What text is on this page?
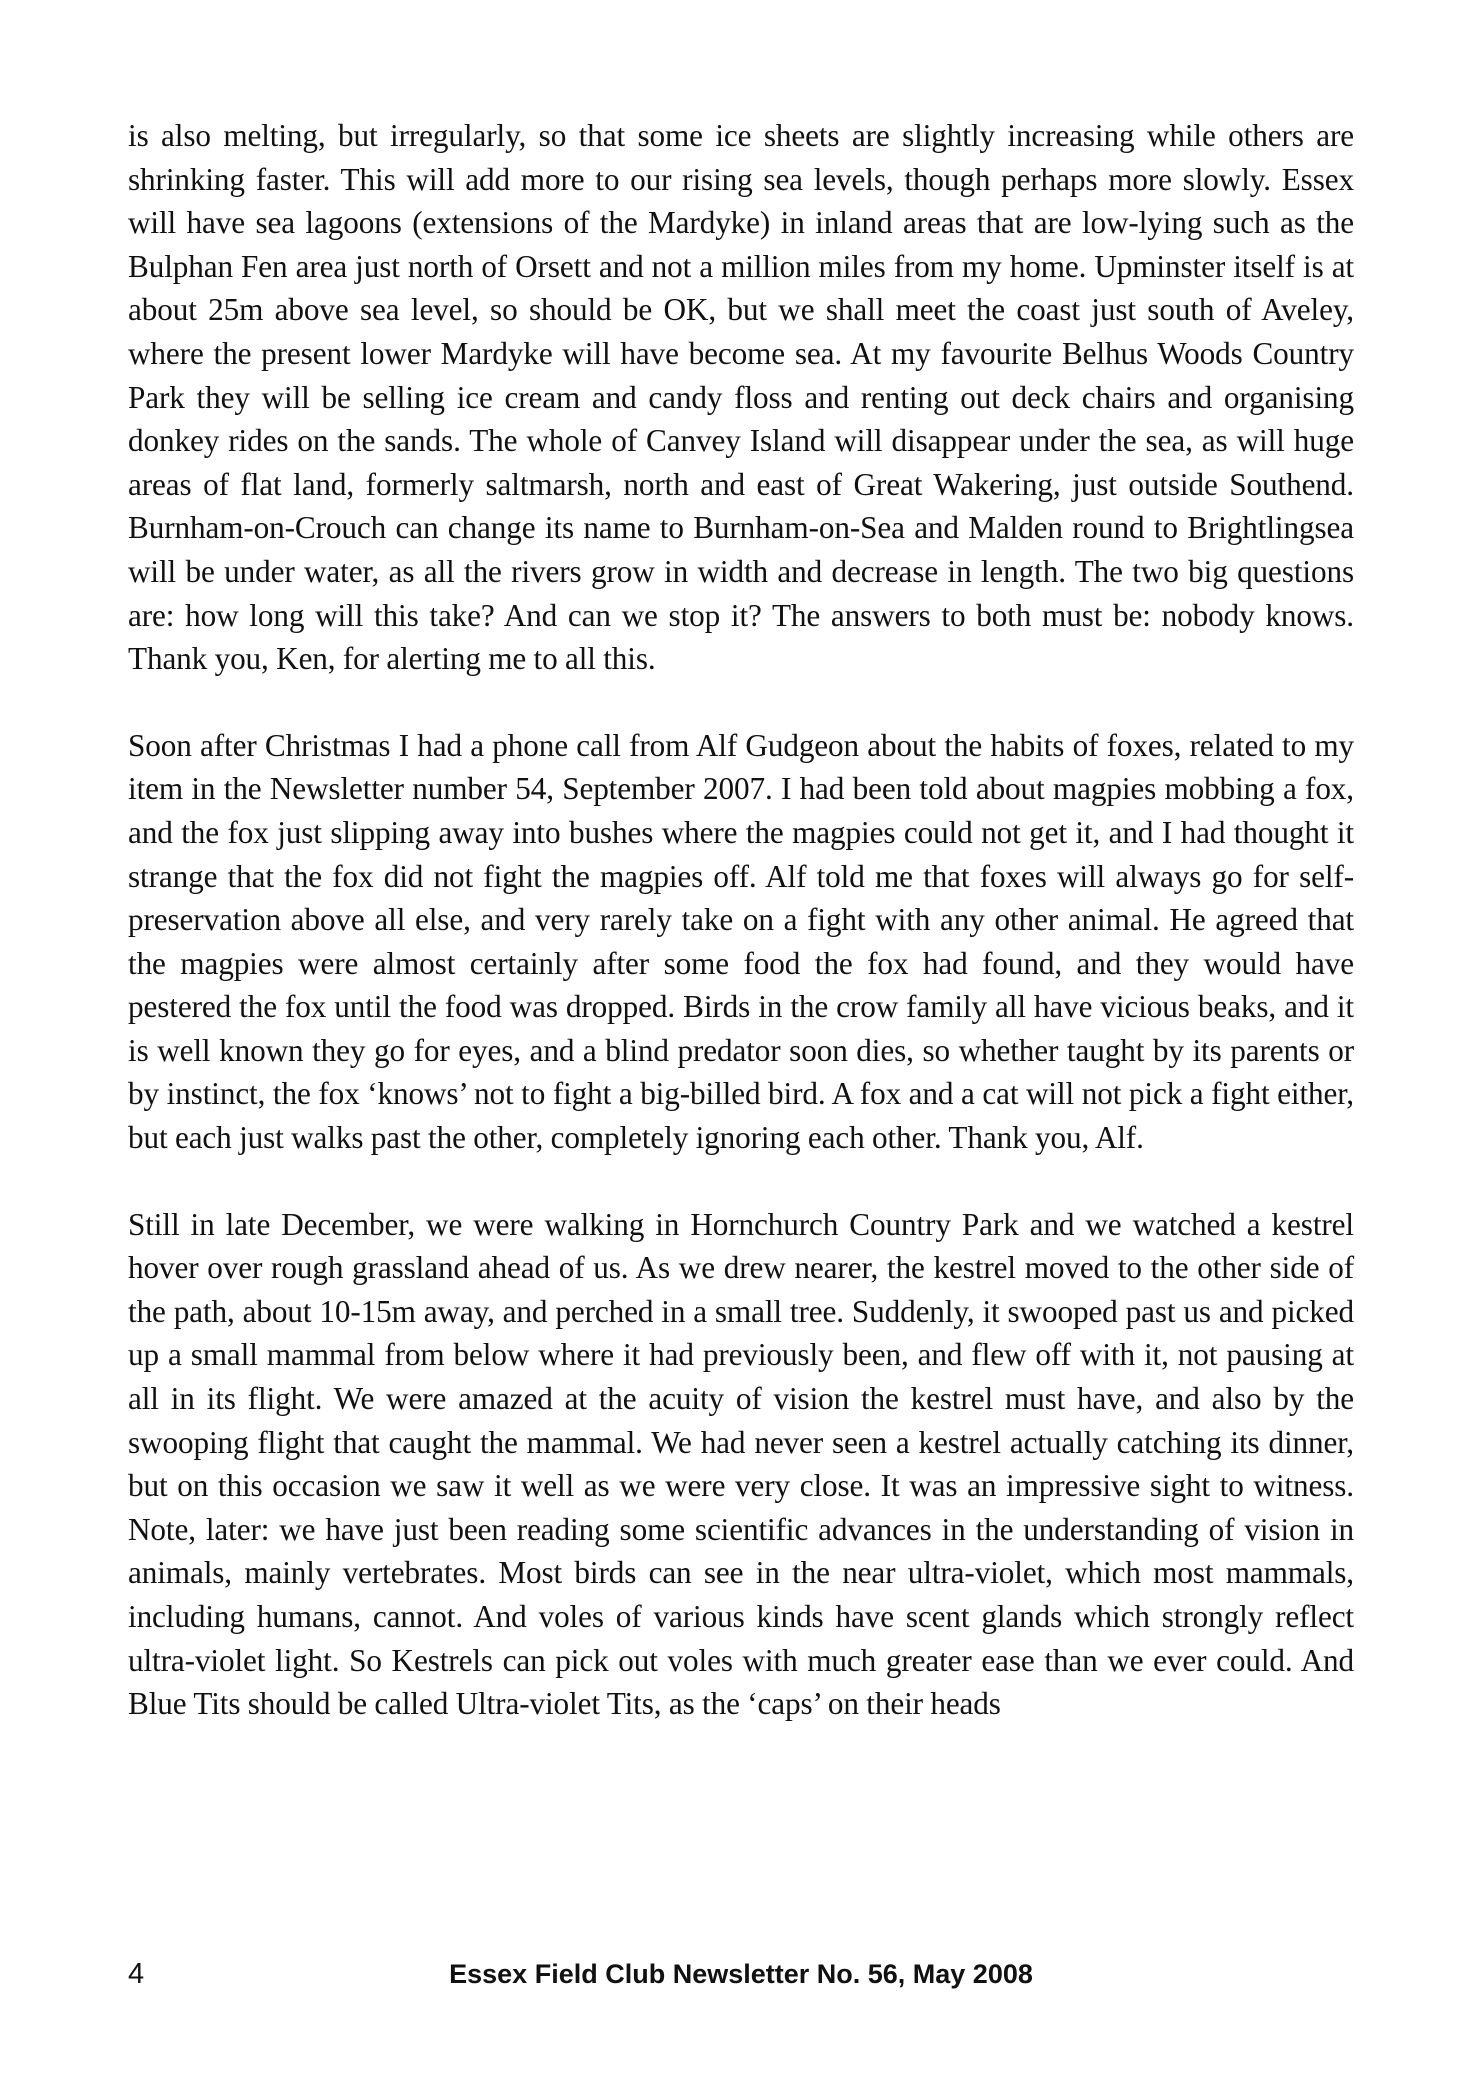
is also melting, but irregularly, so that some ice sheets are slightly increasing while others are shrinking faster. This will add more to our rising sea levels, though perhaps more slowly. Essex will have sea lagoons (extensions of the Mardyke) in inland areas that are low-lying such as the Bulphan Fen area just north of Orsett and not a million miles from my home. Upminster itself is at about 25m above sea level, so should be OK, but we shall meet the coast just south of Aveley, where the present lower Mardyke will have become sea. At my favourite Belhus Woods Country Park they will be selling ice cream and candy floss and renting out deck chairs and organising donkey rides on the sands. The whole of Canvey Island will disappear under the sea, as will huge areas of flat land, formerly saltmarsh, north and east of Great Wakering, just outside Southend. Burnham-on-Crouch can change its name to Burnham-on-Sea and Malden round to Brightlingsea will be under water, as all the rivers grow in width and decrease in length. The two big questions are: how long will this take? And can we stop it? The answers to both must be: nobody knows. Thank you, Ken, for alerting me to all this.

Soon after Christmas I had a phone call from Alf Gudgeon about the habits of foxes, related to my item in the Newsletter number 54, September 2007. I had been told about magpies mobbing a fox, and the fox just slipping away into bushes where the magpies could not get it, and I had thought it strange that the fox did not fight the magpies off. Alf told me that foxes will always go for self-preservation above all else, and very rarely take on a fight with any other animal. He agreed that the magpies were almost certainly after some food the fox had found, and they would have pestered the fox until the food was dropped. Birds in the crow family all have vicious beaks, and it is well known they go for eyes, and a blind predator soon dies, so whether taught by its parents or by instinct, the fox ‘knows’ not to fight a big-billed bird. A fox and a cat will not pick a fight either, but each just walks past the other, completely ignoring each other. Thank you, Alf.

Still in late December, we were walking in Hornchurch Country Park and we watched a kestrel hover over rough grassland ahead of us. As we drew nearer, the kestrel moved to the other side of the path, about 10-15m away, and perched in a small tree. Suddenly, it swooped past us and picked up a small mammal from below where it had previously been, and flew off with it, not pausing at all in its flight. We were amazed at the acuity of vision the kestrel must have, and also by the swooping flight that caught the mammal. We had never seen a kestrel actually catching its dinner, but on this occasion we saw it well as we were very close. It was an impressive sight to witness. Note, later: we have just been reading some scientific advances in the understanding of vision in animals, mainly vertebrates. Most birds can see in the near ultra-violet, which most mammals, including humans, cannot. And voles of various kinds have scent glands which strongly reflect ultra-violet light. So Kestrels can pick out voles with much greater ease than we ever could. And Blue Tits should be called Ultra-violet Tits, as the ‘caps’ on their heads

4	Essex Field Club Newsletter No. 56, May 2008
